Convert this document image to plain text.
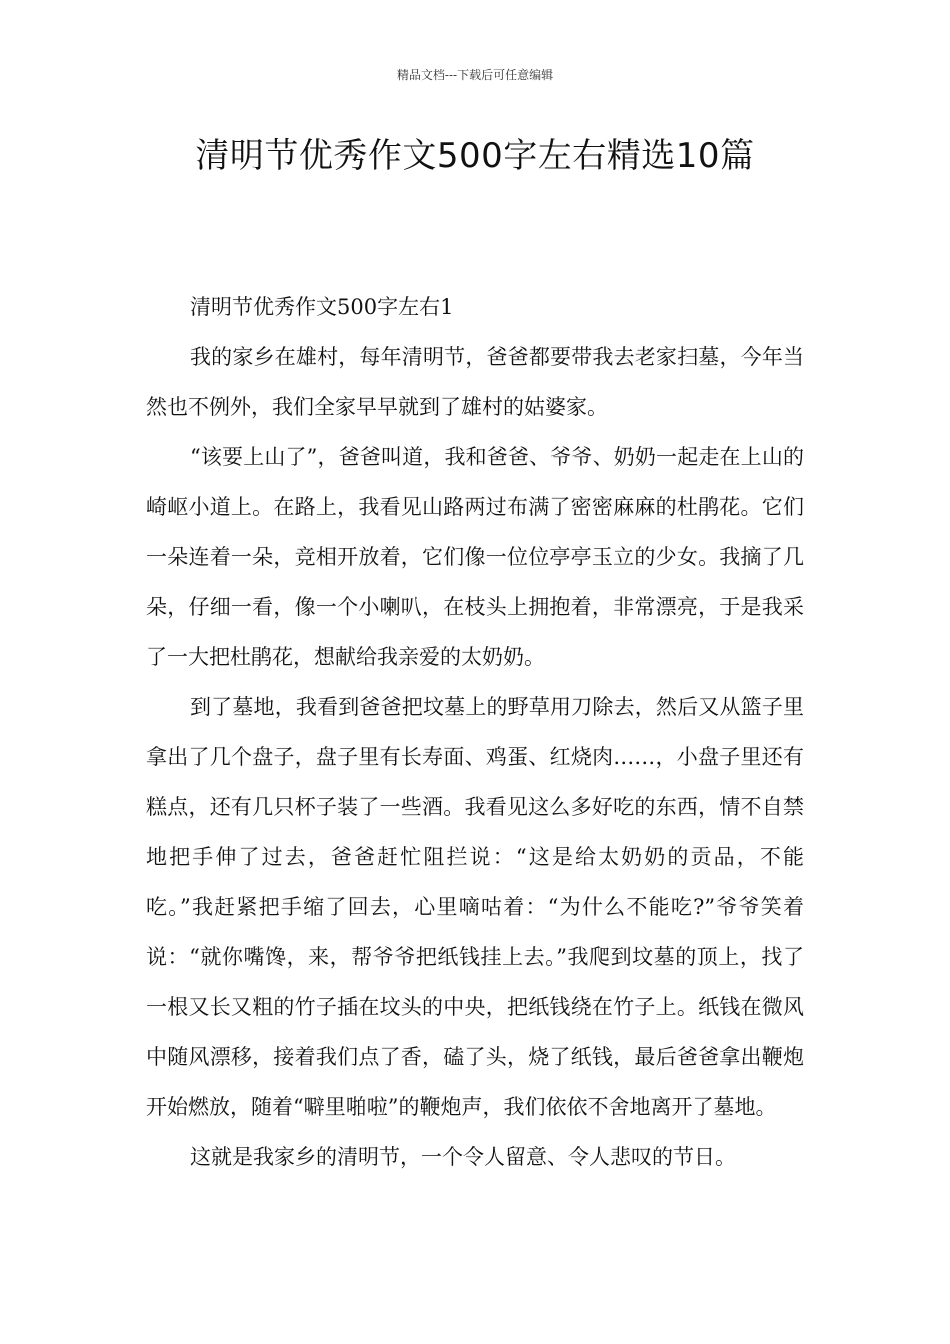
精品文档---下载后可任意编辑
清明节优秀作文500字左右精选10篇

清明节优秀作文500字左右1

我的家乡在雄村，每年清明节，爸爸都要带我去老家扫墓，今年当然也不例外，我们全家早早就到了雄村的姑婆家。

“该要上山了”，爸爸叫道，我和爸爸、爷爷、奶奶一起走在上山的崎岖小道上。在路上，我看见山路两过布满了密密麻麻的杜鹃花。它们一朵连着一朵，竞相开放着，它们像一位位亭亭玉立的少女。我摘了几朵，仔细一看，像一个小喇叭，在枝头上拥抱着，非常漂亮，于是我采了一大把杜鹃花，想献给我亲爱的太奶奶。

到了墓地，我看到爸爸把坟墓上的野草用刀除去，然后又从篮子里拿出了几个盘子，盘子里有长寿面、鸡蛋、红烧肉……，小盘子里还有糕点，还有几只杯子装了一些酒。我看见这么多好吃的东西，情不自禁地把手伸了过去，爸爸赶忙阻拦说：“这是给太奶奶的贡品，不能吃。”我赶紧把手缩了回去，心里嘀咕着：“为什么不能吃?”爷爷笑着说：“就你嘴馋，来，帮爷爷把纸钱挂上去。”我爬到坟墓的顶上，找了一根又长又粗的竹子插在坟头的中央，把纸钱绕在竹子上。纸钱在微风中随风漂移，接着我们点了香，磕了头，烧了纸钱，最后爸爸拿出鞭炮开始燃放，随着“噼里啪啦”的鞭炮声，我们依依不舍地离开了墓地。

这就是我家乡的清明节，一个令人留意、令人悲叹的节日。
